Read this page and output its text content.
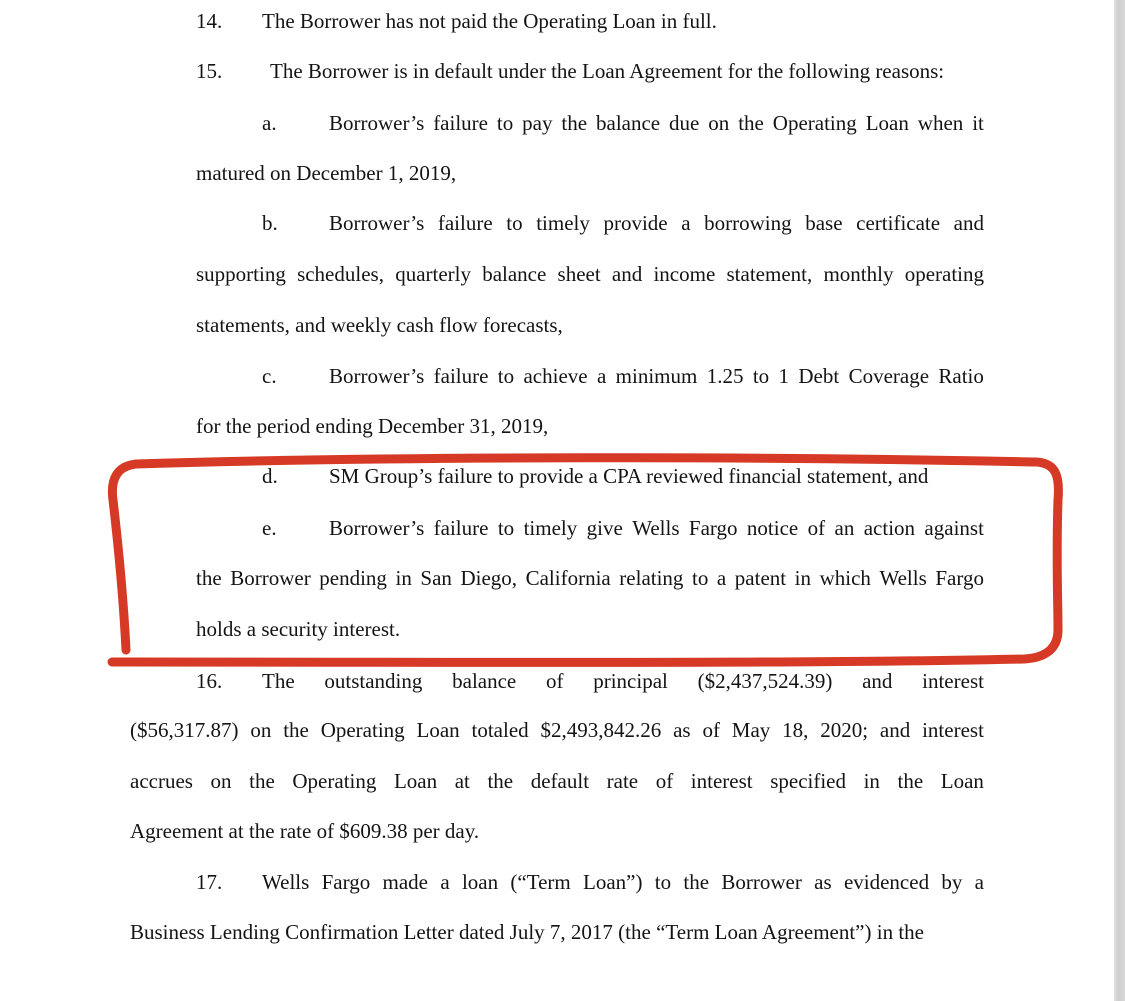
14. The Borrower has not paid the Operating Loan in full.
15. The Borrower is in default under the Loan Agreement for the following reasons:
a. Borrower’s failure to pay the balance due on the Operating Loan when it
matured on December 1, 2019,
b. Borrower’s failure to timely provide a borrowing base certificate and
supporting schedules, quarterly balance sheet and income statement, monthly operating
statements, and weekly cash flow forecasts,
c. Borrower’s failure to achieve a minimum 1.25 to 1 Debt Coverage Ratio
for the period ending December 31, 2019,
d. SM Group’s failure to provide a CPA reviewed financial statement, and
e. Borrower’s failure to timely give Wells Fargo notice of an action against
the Borrower pending in San Diego, California relating to a patent in which Wells Fargo
holds a security interest.
16. The outstanding balance of principal ($2,437,524.39) and interest
($56,317.87) on the Operating Loan totaled $2,493,842.26 as of May 18, 2020; and interest
accrues on the Operating Loan at the default rate of interest specified in the Loan
Agreement at the rate of $609.38 per day.
17. Wells Fargo made a loan (“Term Loan”) to the Borrower as evidenced by a
Business Lending Confirmation Letter dated July 7, 2017 (the “Term Loan Agreement”) in the
